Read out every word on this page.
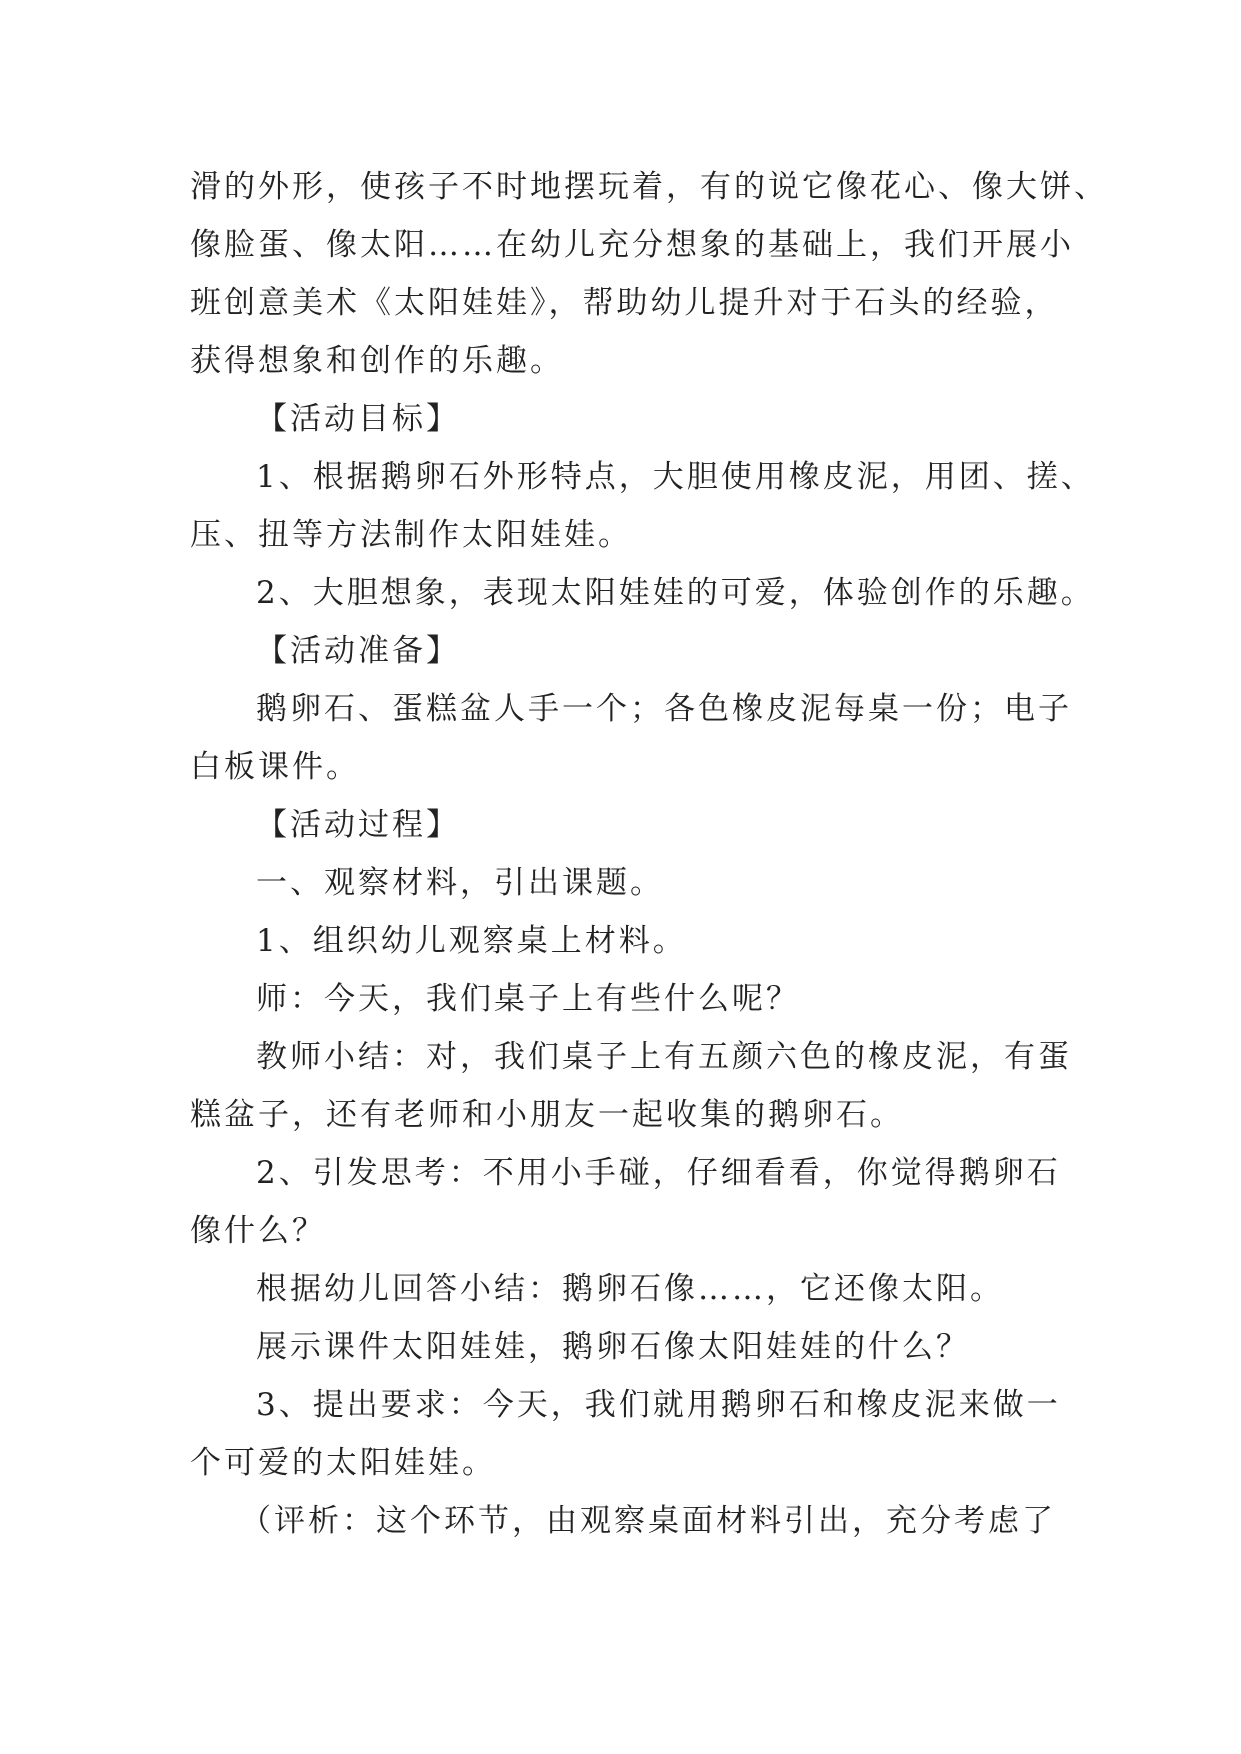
滑的外形，使孩子不时地摆玩着，有的说它像花心、像大饼、
像脸蛋、像太阳……在幼儿充分想象的基础上，我们开展小
班创意美术《太阳娃娃》，帮助幼儿提升对于石头的经验，
获得想象和创作的乐趣。
【活动目标】
1、根据鹅卵石外形特点，大胆使用橡皮泥，用团、搓、
压、扭等方法制作太阳娃娃。
2、大胆想象，表现太阳娃娃的可爱，体验创作的乐趣。
【活动准备】
鹅卵石、蛋糕盆人手一个；各色橡皮泥每桌一份；电子
白板课件。
【活动过程】
一、观察材料，引出课题。
1、组织幼儿观察桌上材料。
师：今天，我们桌子上有些什么呢？
教师小结：对，我们桌子上有五颜六色的橡皮泥，有蛋
糕盆子，还有老师和小朋友一起收集的鹅卵石。
2、引发思考：不用小手碰，仔细看看，你觉得鹅卵石
像什么？
根据幼儿回答小结：鹅卵石像……，它还像太阳。
展示课件太阳娃娃，鹅卵石像太阳娃娃的什么？
3、提出要求：今天，我们就用鹅卵石和橡皮泥来做一
个可爱的太阳娃娃。
（评析：这个环节，由观察桌面材料引出，充分考虑了
